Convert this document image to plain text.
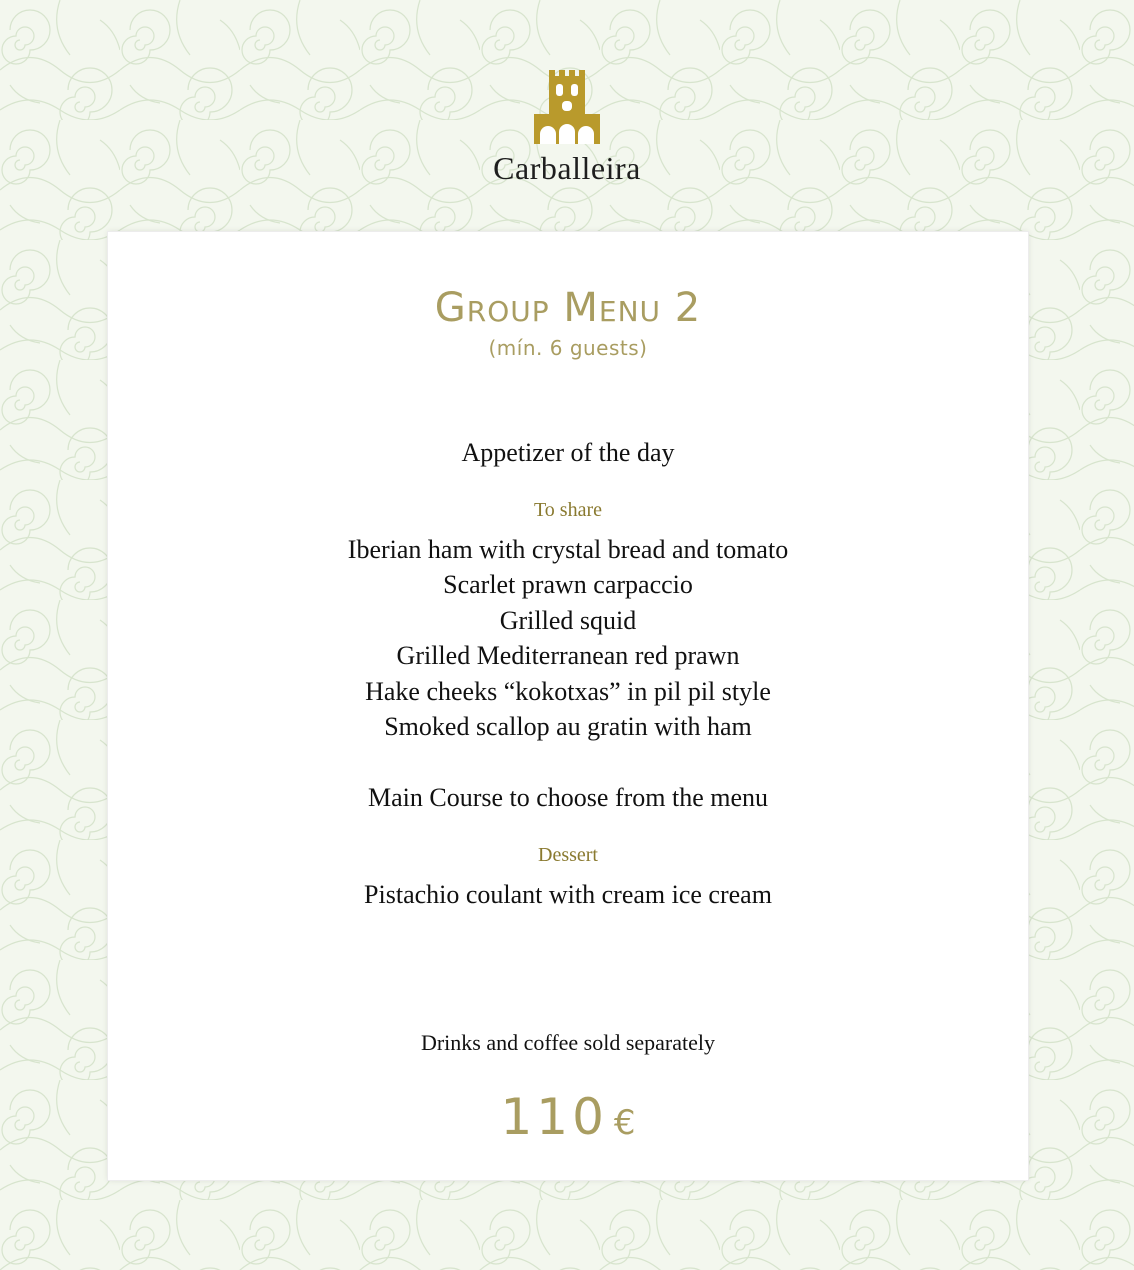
Carballeira
Group Menu 2
(mín. 6 guests)
Appetizer of the day
To share
Iberian ham with crystal bread and tomato
Scarlet prawn carpaccio
Grilled squid
Grilled Mediterranean red prawn
Hake cheeks “kokotxas” in pil pil style
Smoked scallop au gratin with ham
Main Course to choose from the menu
Dessert
Pistachio coulant with cream ice cream
Drinks and coffee sold separately
110 €
